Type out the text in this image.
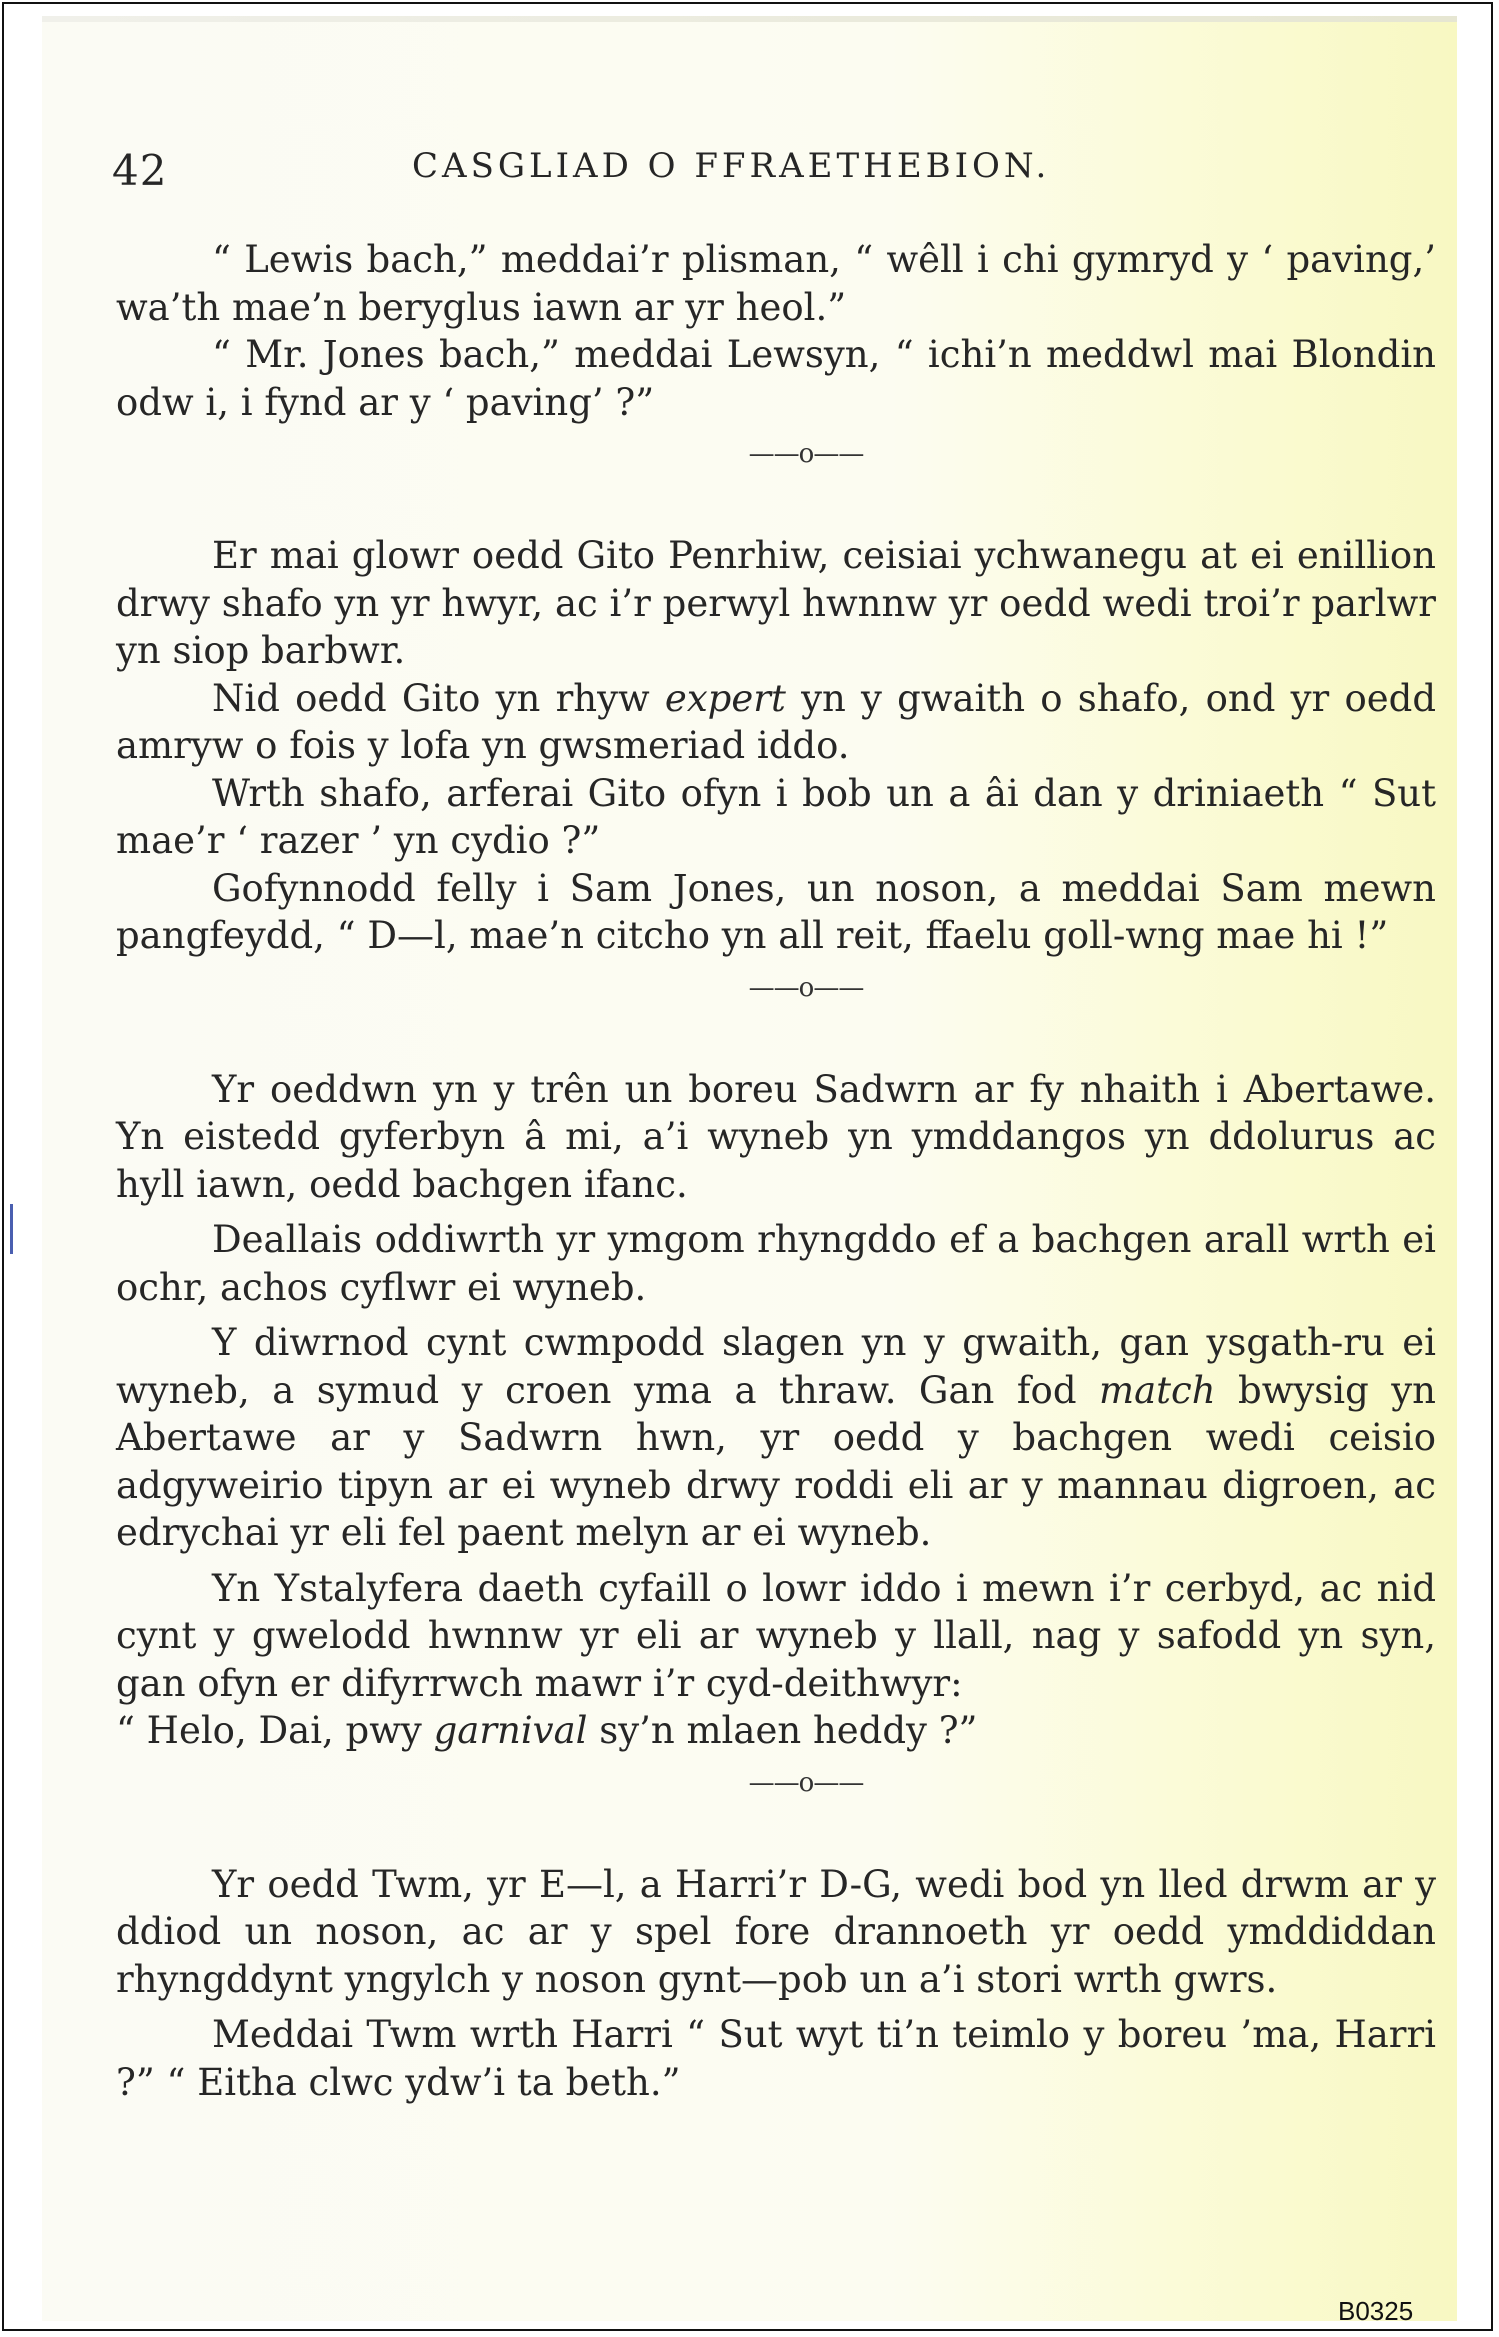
42	CASGLIAD O FFRAETHEBION.

“ Lewis bach,” meddai’r plisman, “ wêll i chi gymryd y ‘ paving,’ wa’th mae’n beryglus iawn ar yr heol.”

“ Mr. Jones bach,” meddai Lewsyn, “ ichi’n meddwl mai Blondin odw i, i fynd ar y ‘ paving’ ?”

——o——

Er mai glowr oedd Gito Penrhiw, ceisiai ychwanegu at ei enillion drwy shafo yn yr hwyr, ac i’r perwyl hwnnw yr oedd wedi troi’r parlwr yn siop barbwr.

Nid oedd Gito yn rhyw expert yn y gwaith o shafo, ond yr oedd amryw o fois y lofa yn gwsmeriad iddo.

Wrth shafo, arferai Gito ofyn i bob un a âi dan y driniaeth “ Sut mae’r ‘ razer ’ yn cydio ?”

Gofynnodd felly i Sam Jones, un noson, a meddai Sam mewn pangfeydd, “ D—l, mae’n citcho yn all reit, ffaelu goll-wng mae hi !”

——o——

Yr oeddwn yn y trên un boreu Sadwrn ar fy nhaith i Abertawe. Yn eistedd gyferbyn â mi, a’i wyneb yn ymddangos yn ddolurus ac hyll iawn, oedd bachgen ifanc.

Deallais oddiwrth yr ymgom rhyngddo ef a bachgen arall wrth ei ochr, achos cyflwr ei wyneb.

Y diwrnod cynt cwmpodd slagen yn y gwaith, gan ysgath-ru ei wyneb, a symud y croen yma a thraw. Gan fod match bwysig yn Abertawe ar y Sadwrn hwn, yr oedd y bachgen wedi ceisio adgyweirio tipyn ar ei wyneb drwy roddi eli ar y mannau digroen, ac edrychai yr eli fel paent melyn ar ei wyneb.

Yn Ystalyfera daeth cyfaill o lowr iddo i mewn i’r cerbyd, ac nid cynt y gwelodd hwnnw yr eli ar wyneb y llall, nag y safodd yn syn, gan ofyn er difyrrwch mawr i’r cyd-deithwyr:
“ Helo, Dai, pwy garnival sy’n mlaen heddy ?”

——o——

Yr oedd Twm, yr E—l, a Harri’r D-G, wedi bod yn lled drwm ar y ddiod un noson, ac ar y spel fore drannoeth yr oedd ymddiddan rhyngddynt yngylch y noson gynt—pob un a’i stori wrth gwrs.

Meddai Twm wrth Harri “ Sut wyt ti’n teimlo y boreu ’ma, Harri ?” “ Eitha clwc ydw’i ta beth.”

B0325
